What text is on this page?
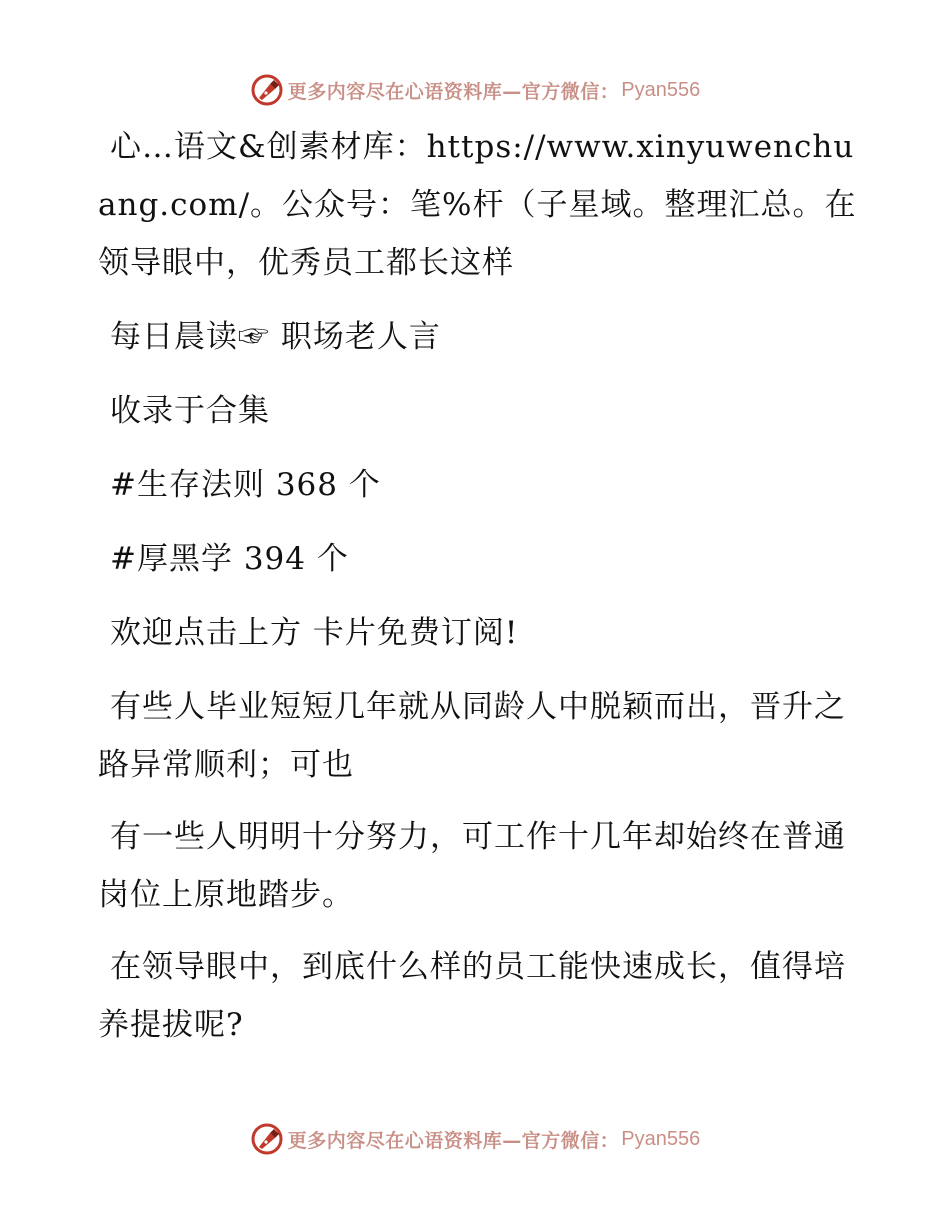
更多内容尽在心语资料库—官方微信： Pyan556

心…语文&创素材库：https://www.xinyuwenchuang.com/。公众号：笔%杆（子星域。整理汇总。在领导眼中，优秀员工都长这样

每日晨读☞ 职场老人言

收录于合集

#生存法则 368 个

#厚黑学 394 个

欢迎点击上方 卡片免费订阅!

有些人毕业短短几年就从同龄人中脱颖而出，晋升之路异常顺利；可也

有一些人明明十分努力，可工作十几年却始终在普通岗位上原地踏步。

在领导眼中，到底什么样的员工能快速成长，值得培养提拔呢?

更多内容尽在心语资料库—官方微信： Pyan556
